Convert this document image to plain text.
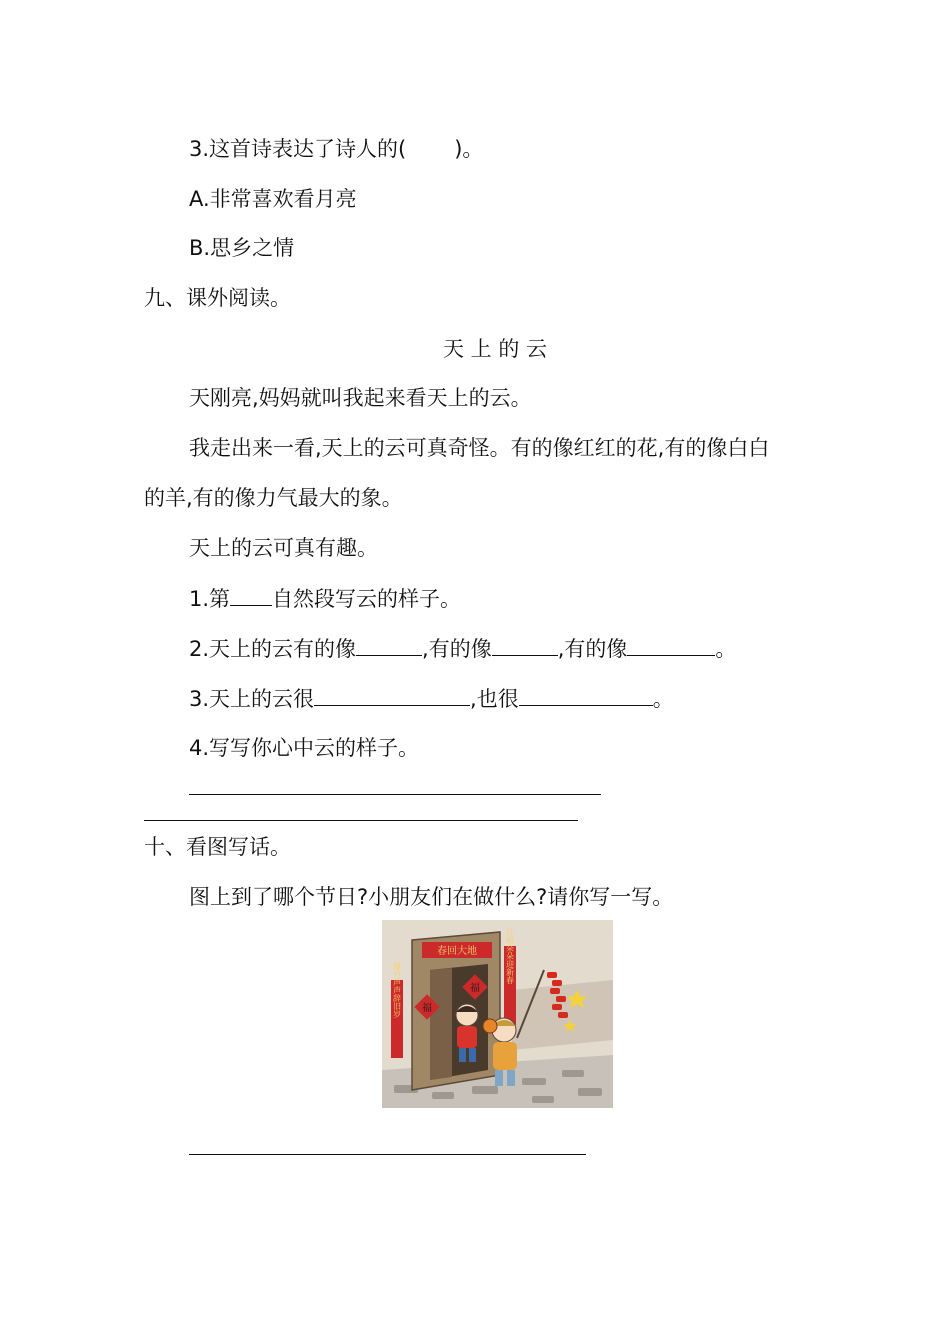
3.这首诗表达了诗人的( )。
A.非常喜欢看月亮
B.思乡之情
九、课外阅读。
天 上 的 云
天刚亮,妈妈就叫我起来看天上的云。
我走出来一看,天上的云可真奇怪。有的像红红的花,有的像白白
的羊,有的像力气最大的象。
天上的云可真有趣。
1.第 自然段写云的样子。
2.天上的云有的像	,有的像	,有的像	。
3.天上的云很	,也很	。
4.写写你心中云的样子。
十、看图写话。
图上到了哪个节日?小朋友们在做什么?请你写一写。
春回大地
爆竹声声辞旧岁
红梅朵朵迎新春
福
福
